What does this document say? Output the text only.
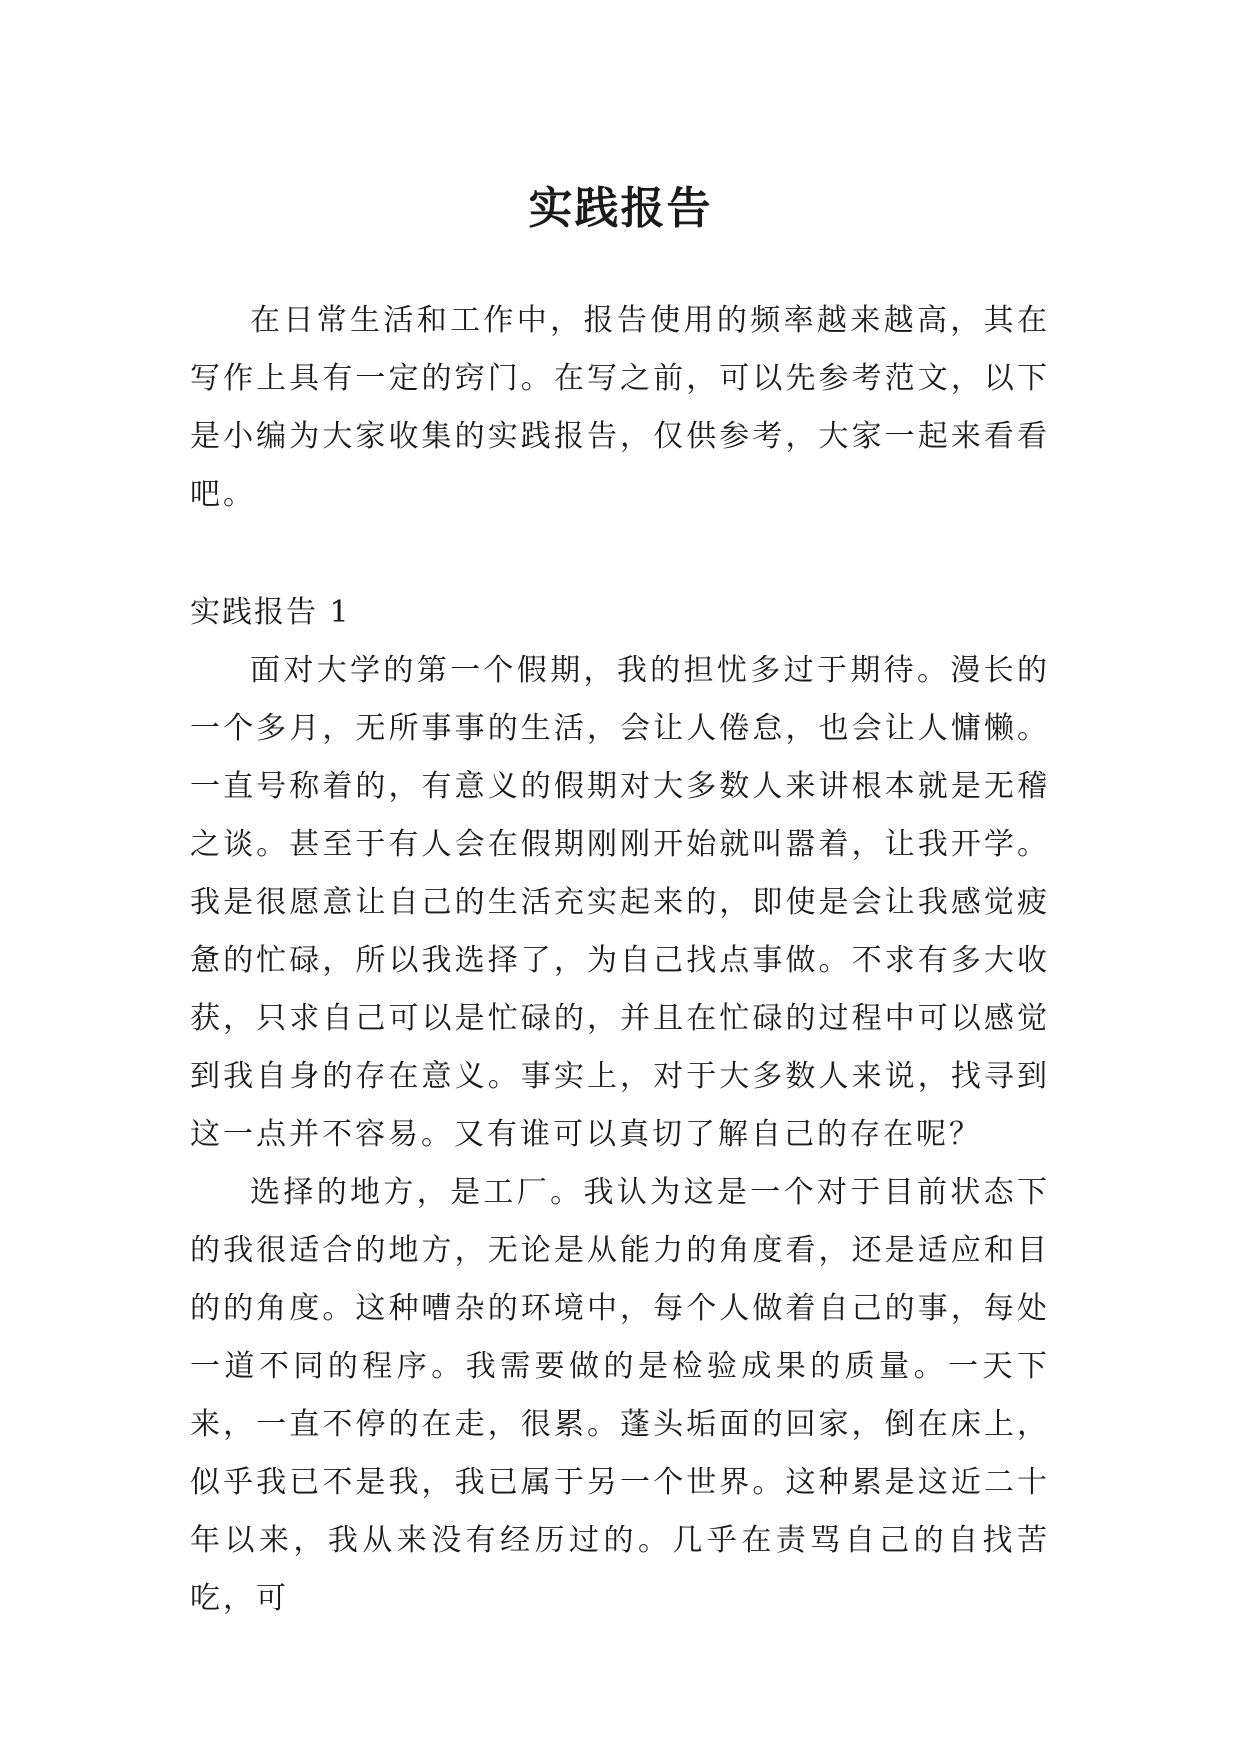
实践报告

在日常生活和工作中，报告使用的频率越来越高，其在写作上具有一定的窍门。在写之前，可以先参考范文，以下是小编为大家收集的实践报告，仅供参考，大家一起来看看吧。

实践报告 1

面对大学的第一个假期，我的担忧多过于期待。漫长的一个多月，无所事事的生活，会让人倦怠，也会让人慵懒。一直号称着的，有意义的假期对大多数人来讲根本就是无稽之谈。甚至于有人会在假期刚刚开始就叫嚣着，让我开学。我是很愿意让自己的生活充实起来的，即使是会让我感觉疲惫的忙碌，所以我选择了，为自己找点事做。不求有多大收获，只求自己可以是忙碌的，并且在忙碌的过程中可以感觉到我自身的存在意义。事实上，对于大多数人来说，找寻到这一点并不容易。又有谁可以真切了解自己的存在呢？

选择的地方，是工厂。我认为这是一个对于目前状态下的我很适合的地方，无论是从能力的角度看，还是适应和目的的角度。这种嘈杂的环境中，每个人做着自己的事，每处一道不同的程序。我需要做的是检验成果的质量。一天下来，一直不停的在走，很累。蓬头垢面的回家，倒在床上，似乎我已不是我，我已属于另一个世界。这种累是这近二十年以来，我从来没有经历过的。几乎在责骂自己的自找苦吃，可
